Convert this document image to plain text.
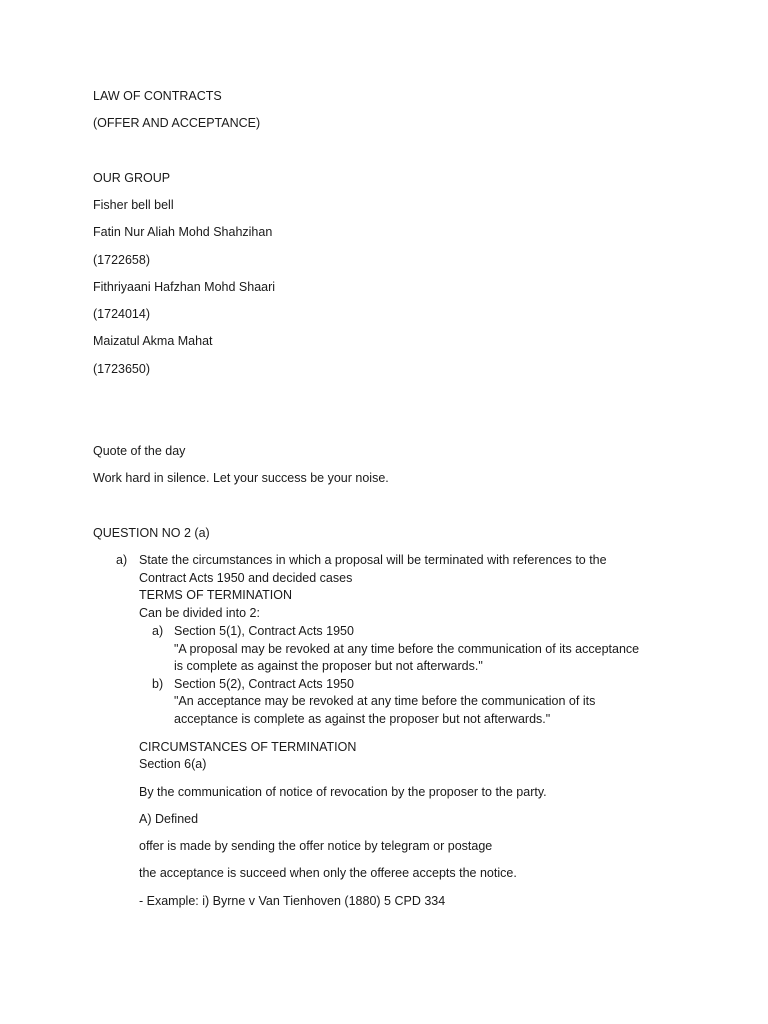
LAW OF CONTRACTS
(OFFER AND ACCEPTANCE)
OUR GROUP
Fisher bell bell
Fatin Nur Aliah Mohd Shahzihan
(1722658)
Fithriyaani Hafzhan Mohd Shaari
(1724014)
Maizatul Akma Mahat
(1723650)
Quote of the day
Work hard in silence. Let your success be your noise.
QUESTION NO 2 (a)
a) State the circumstances in which a proposal will be terminated with references to the
Contract Acts 1950 and decided cases
TERMS OF TERMINATION
Can be divided into 2:
a) Section 5(1), Contract Acts 1950
"A proposal may be revoked at any time before the communication of its acceptance
is complete as against the proposer but not afterwards."
b) Section 5(2), Contract Acts 1950
"An acceptance may be revoked at any time before the communication of its
acceptance is complete as against the proposer but not afterwards."
CIRCUMSTANCES OF TERMINATION
Section 6(a)
By the communication of notice of revocation by the proposer to the party.
A) Defined
offer is made by sending the offer notice by telegram or postage
the acceptance is succeed when only the offeree accepts the notice.
- Example: i) Byrne v Van Tienhoven (1880) 5 CPD 334
